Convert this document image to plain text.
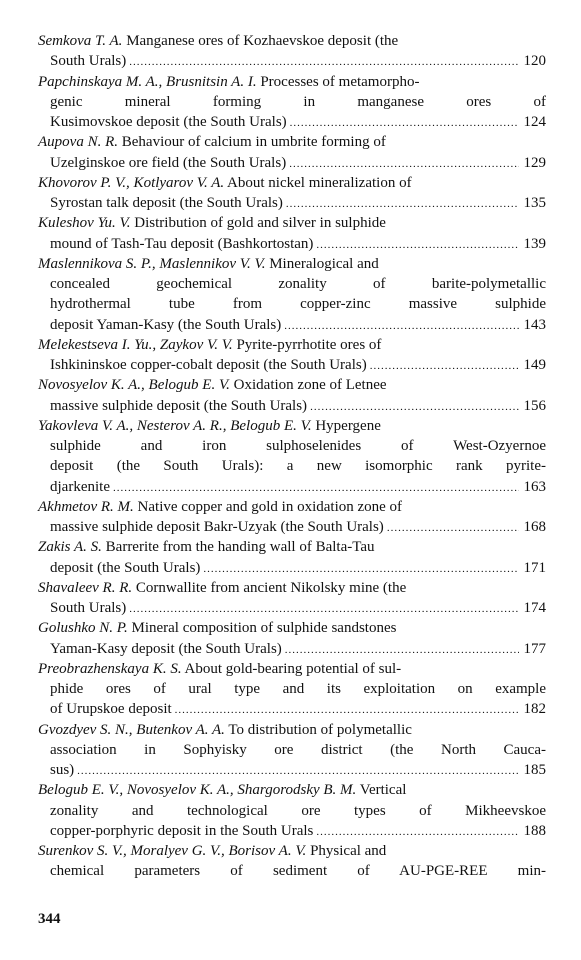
Semkova T. A. Manganese ores of Kozhaevskoe deposit (the
South Urals) .....	120
Papchinskaya M. A., Brusnitsin A. I. Processes of metamorpho-
genic mineral forming in manganese ores of
Kusimovskoe deposit (the South Urals) .....	124
Aupova N. R. Behaviour of calcium in umbrite forming of
Uzelginskoe ore field (the South Urals) .....	129
Khovorov P. V., Kotlyarov V. A. About nickel mineralization of
Syrostan talk deposit (the South Urals) .....	135
Kuleshov Yu. V. Distribution of gold and silver in sulphide
mound of Tash-Tau deposit (Bashkortostan) .....	139
Maslennikova S. P., Maslennikov V. V. Mineralogical and
concealed geochemical zonality of barite-polymetallic
hydrothermal tube from copper-zinc massive sulphide
deposit Yaman-Kasy (the South Urals) .....	143
Melekestseva I. Yu., Zaykov V. V. Pyrite-pyrrhotite ores of
Ishkininskoe copper-cobalt deposit (the South Urals) .....	149
Novosyelov K. A., Belogub E. V. Oxidation zone of Letnee
massive sulphide deposit (the South Urals) .....	156
Yakovleva V. A., Nesterov A. R., Belogub E. V. Hypergene
sulphide and iron sulphoselenides of West-Ozyernoe
deposit (the South Urals): a new isomorphic rank pyrite-
djarkenite .....	163
Akhmetov R. M. Native copper and gold in oxidation zone of
massive sulphide deposit Bakr-Uzyak (the South Urals) .....	168
Zakis A. S. Barrerite from the handing wall of Balta-Tau
deposit (the South Urals) .....	171
Shavaleev R. R. Cornwallite from ancient Nikolsky mine (the
South Urals) .....	174
Golushko N. P. Mineral composition of sulphide sandstones
Yaman-Kasy deposit (the South Urals) .....	177
Preobrazhenskaya K. S. About gold-bearing potential of sul-
phide ores of ural type and its exploitation on example
of Urupskoe deposit .....	182
Gvozdyev S. N., Butenkov A. A. To distribution of polymetallic
association in Sophyisky ore district (the North Cauca-
sus) .....	185
Belogub E. V., Novosyelov K. A., Shargorodsky B. M. Vertical
zonality and technological ore types of Mikheevskoe
copper-porphyric deposit in the South Urals .....	188
Surenkov S. V., Moralyev G. V., Borisov A. V. Physical and
chemical parameters of sediment of AU-PGE-REE min-
344
